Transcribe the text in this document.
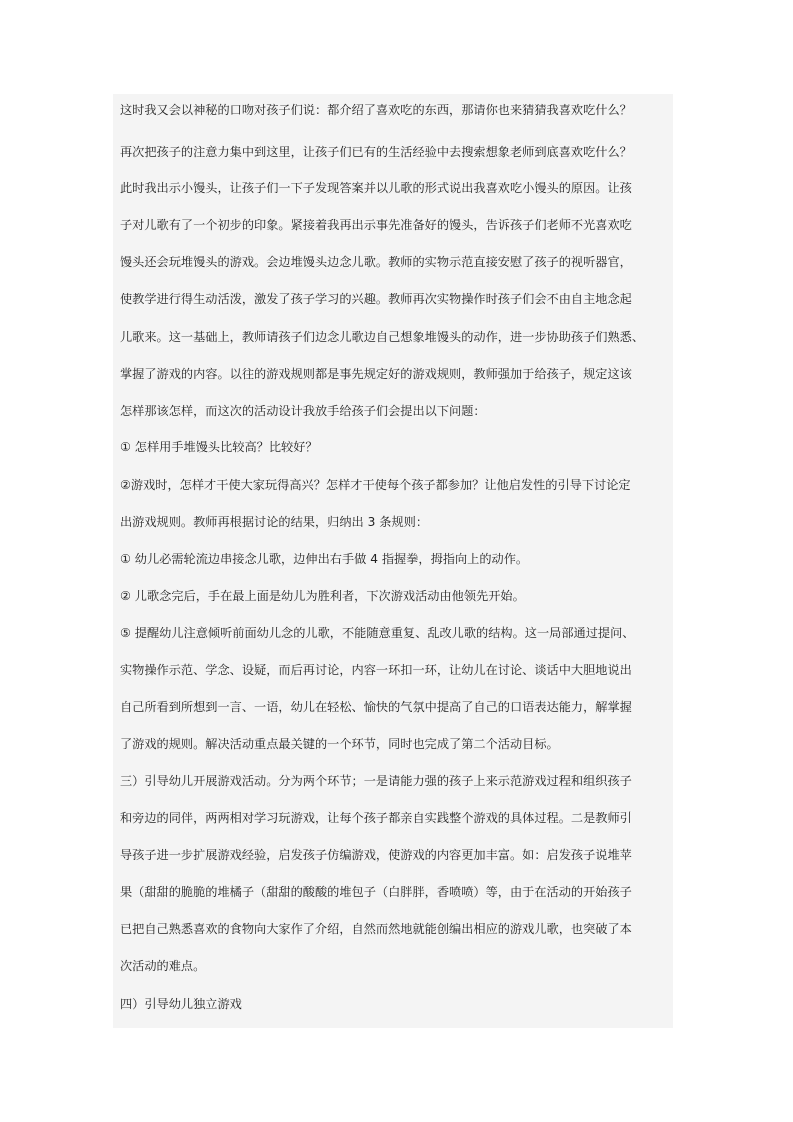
这时我又会以神秘的口吻对孩子们说：都介绍了喜欢吃的东西，那请你也来猜猜我喜欢吃什么？
再次把孩子的注意力集中到这里，让孩子们已有的生活经验中去搜索想象老师到底喜欢吃什么？
此时我出示小馒头，让孩子们一下子发现答案并以儿歌的形式说出我喜欢吃小馒头的原因。让孩
子对儿歌有了一个初步的印象。紧接着我再出示事先准备好的馒头，告诉孩子们老师不光喜欢吃
馒头还会玩堆馒头的游戏。会边堆馒头边念儿歌。教师的实物示范直接安慰了孩子的视听器官，
使教学进行得生动活泼，激发了孩子学习的兴趣。教师再次实物操作时孩子们会不由自主地念起
儿歌来。这一基础上，教师请孩子们边念儿歌边自己想象堆馒头的动作，进一步协助孩子们熟悉、
掌握了游戏的内容。以往的游戏规则都是事先规定好的游戏规则，教师强加于给孩子，规定这该
怎样那该怎样，而这次的活动设计我放手给孩子们会提出以下问题：
① 怎样用手堆馒头比较高？比较好？
②游戏时，怎样才干使大家玩得高兴？怎样才干使每个孩子都参加？让他启发性的引导下讨论定
出游戏规则。教师再根据讨论的结果，归纳出 3 条规则：
① 幼儿必需轮流边串接念儿歌，边伸出右手做 4 指握拳，拇指向上的动作。
② 儿歌念完后，手在最上面是幼儿为胜利者，下次游戏活动由他领先开始。
⑤ 提醒幼儿注意倾听前面幼儿念的儿歌，不能随意重复、乱改儿歌的结构。这一局部通过提问、
实物操作示范、学念、设疑，而后再讨论，内容一环扣一环，让幼儿在讨论、谈话中大胆地说出
自己所看到所想到一言、一语，幼儿在轻松、愉快的气氛中提高了自己的口语表达能力，解掌握
了游戏的规则。解决活动重点最关键的一个环节，同时也完成了第二个活动目标。
三）引导幼儿开展游戏活动。分为两个环节；一是请能力强的孩子上来示范游戏过程和组织孩子
和旁边的同伴，两两相对学习玩游戏，让每个孩子都亲自实践整个游戏的具体过程。二是教师引
导孩子进一步扩展游戏经验，启发孩子仿编游戏，使游戏的内容更加丰富。如：启发孩子说堆苹
果（甜甜的脆脆的堆橘子（甜甜的酸酸的堆包子（白胖胖，香喷喷）等，由于在活动的开始孩子
已把自己熟悉喜欢的食物向大家作了介绍，自然而然地就能创编出相应的游戏儿歌，也突破了本
次活动的难点。
四）引导幼儿独立游戏
